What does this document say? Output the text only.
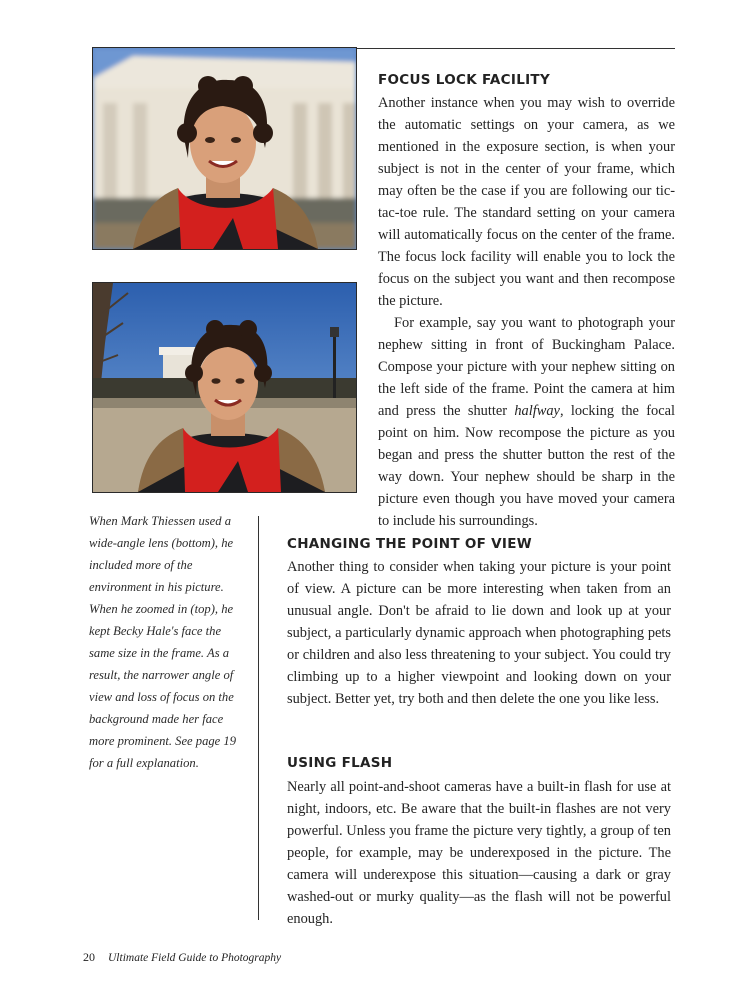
FOCUS LOCK FACILITY

Another instance when you may wish to override the automatic settings on your camera, as we mentioned in the exposure section, is when your subject is not in the center of your frame, which may often be the case if you are following our tic-tac-toe rule. The standard setting on your camera will automatically focus on the center of the frame. The focus lock facility will enable you to lock the focus on the subject you want and then recompose the picture.

For example, say you want to photograph your nephew sitting in front of Buckingham Palace. Compose your picture with your nephew sitting on the left side of the frame. Point the camera at him and press the shutter halfway, locking the focal point on him. Now recompose the picture as you began and press the shutter button the rest of the way down. Your nephew should be sharp in the picture even though you have moved your camera to include his surroundings.

When Mark Thiessen used a wide-angle lens (bottom), he included more of the environment in his picture. When he zoomed in (top), he kept Becky Hale's face the same size in the frame. As a result, the narrower angle of view and loss of focus on the background made her face more prominent. See page 19 for a full explanation.

CHANGING THE POINT OF VIEW

Another thing to consider when taking your picture is your point of view. A picture can be more interesting when taken from an unusual angle. Don't be afraid to lie down and look up at your subject, a particularly dynamic approach when photographing pets or children and also less threatening to your subject. You could try climbing up to a higher viewpoint and looking down on your subject. Better yet, try both and then delete the one you like less.

USING FLASH

Nearly all point-and-shoot cameras have a built-in flash for use at night, indoors, etc. Be aware that the built-in flashes are not very powerful. Unless you frame the picture very tightly, a group of ten people, for example, may be underexposed in the picture. The camera will underexpose this situation—causing a dark or gray washed-out or murky quality—as the flash will not be powerful enough.

20 Ultimate Field Guide to Photography
